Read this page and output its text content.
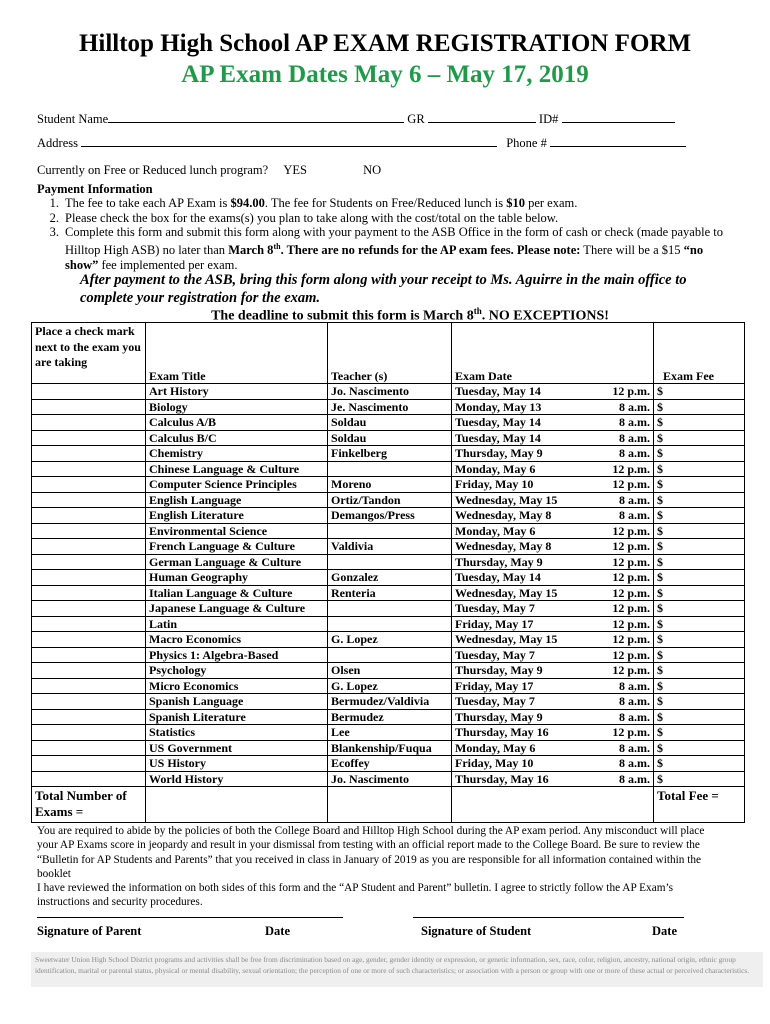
Hilltop High School AP EXAM REGISTRATION FORM
AP Exam Dates May 6 – May 17, 2019
Student Name	GR	ID#
Address	Phone #
Currently on Free or Reduced lunch program? YES	NO
Payment Information
1. The fee to take each AP Exam is $94.00. The fee for Students on Free/Reduced lunch is $10 per exam.
2. Please check the box for the exams(s) you plan to take along with the cost/total on the table below.
3. Complete this form and submit this form along with your payment to the ASB Office in the form of cash or check (made payable to Hilltop High ASB) no later than March 8th. There are no refunds for the AP exam fees. Please note: There will be a $15 “no show” fee implemented per exam.
After payment to the ASB, bring this form along with your receipt to Ms. Aguirre in the main office to complete your registration for the exam.
The deadline to submit this form is March 8th. NO EXCEPTIONS!
Place a check mark next to the exam you are taking	Exam Title	Teacher (s)	Exam Date		Exam Fee
	Art History	Jo. Nascimento	Tuesday, May 14	12 p.m.	$
	Biology	Je. Nascimento	Monday, May 13	8 a.m.	$
	Calculus A/B	Soldau	Tuesday, May 14	8 a.m.	$
	Calculus B/C	Soldau	Tuesday, May 14	8 a.m.	$
	Chemistry	Finkelberg	Thursday, May 9	8 a.m.	$
	Chinese Language & Culture		Monday, May 6	12 p.m.	$
	Computer Science Principles	Moreno	Friday, May 10	12 p.m.	$
	English Language	Ortiz/Tandon	Wednesday, May 15	8 a.m.	$
	English Literature	Demangos/Press	Wednesday, May 8	8 a.m.	$
	Environmental Science		Monday, May 6	12 p.m.	$
	French Language & Culture	Valdivia	Wednesday, May 8	12 p.m.	$
	German Language & Culture		Thursday, May 9	12 p.m.	$
	Human Geography	Gonzalez	Tuesday, May 14	12 p.m.	$
	Italian Language & Culture	Renteria	Wednesday, May 15	12 p.m.	$
	Japanese Language & Culture		Tuesday, May 7	12 p.m.	$
	Latin		Friday, May 17	12 p.m.	$
	Macro Economics	G. Lopez	Wednesday, May 15	12 p.m.	$
	Physics 1: Algebra-Based		Tuesday, May 7	12 p.m.	$
	Psychology	Olsen	Thursday, May 9	12 p.m.	$
	Micro Economics	G. Lopez	Friday, May 17	8 a.m.	$
	Spanish Language	Bermudez/Valdivia	Tuesday, May 7	8 a.m.	$
	Spanish Literature	Bermudez	Thursday, May 9	8 a.m.	$
	Statistics	Lee	Thursday, May 16	12 p.m.	$
	US Government	Blankenship/Fuqua	Monday, May 6	8 a.m.	$
	US History	Ecoffey	Friday, May 10	8 a.m.	$
	World History	Jo. Nascimento	Thursday, May 16	8 a.m.	$
Total Number of Exams =					Total Fee =
You are required to abide by the policies of both the College Board and Hilltop High School during the AP exam period. Any misconduct will place your AP Exams score in jeopardy and result in your dismissal from testing with an official report made to the College Board. Be sure to review the “Bulletin for AP Students and Parents” that you received in class in January of 2019 as you are responsible for all information contained within the booklet
I have reviewed the information on both sides of this form and the “AP Student and Parent” bulletin. I agree to strictly follow the AP Exam’s instructions and security procedures.
Signature of Parent	Date	Signature of Student	Date
Sweetwater Union High School District programs and activities shall be free from discrimination based on age, gender, gender identity or expression, or genetic information, sex, race, color, religion, ancestry, national origin, ethnic group identification, marital or parental status, physical or mental disability, sexual orientation; the perception of one or more of such characteristics; or association with a person or group with one or more of these actual or perceived characteristics.
